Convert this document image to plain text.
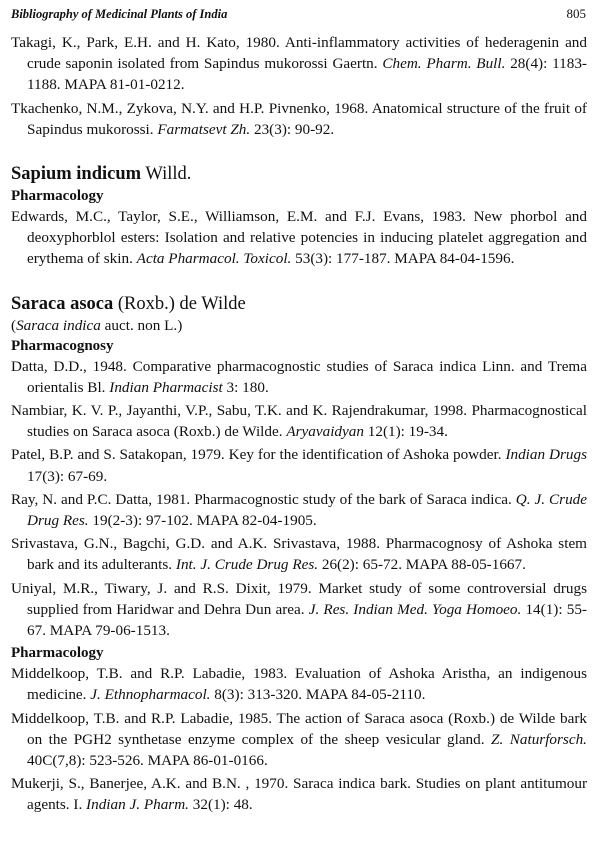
Bibliography of Medicinal Plants of India	805
Takagi, K., Park, E.H. and H. Kato, 1980. Anti-inflammatory activities of hederagenin and crude saponin isolated from Sapindus mukorossi Gaertn. Chem. Pharm. Bull. 28(4): 1183-1188. MAPA 81-01-0212.
Tkachenko, N.M., Zykova, N.Y. and H.P. Pivnenko, 1968. Anatomical structure of the fruit of Sapindus mukorossi. Farmatsevt Zh. 23(3): 90-92.
Sapium indicum Willd.
Pharmacology
Edwards, M.C., Taylor, S.E., Williamson, E.M. and F.J. Evans, 1983. New phorbol and deoxyphorblol esters: Isolation and relative potencies in inducing platelet aggregation and erythema of skin. Acta Pharmacol. Toxicol. 53(3): 177-187. MAPA 84-04-1596.
Saraca asoca (Roxb.) de Wilde
(Saraca indica auct. non L.)
Pharmacognosy
Datta, D.D., 1948. Comparative pharmacognostic studies of Saraca indica Linn. and Trema orientalis Bl. Indian Pharmacist 3: 180.
Nambiar, K. V. P., Jayanthi, V.P., Sabu, T.K. and K. Rajendrakumar, 1998. Pharmacognostical studies on Saraca asoca (Roxb.) de Wilde. Aryavaidyan 12(1): 19-34.
Patel, B.P. and S. Satakopan, 1979. Key for the identification of Ashoka powder. Indian Drugs 17(3): 67-69.
Ray, N. and P.C. Datta, 1981. Pharmacognostic study of the bark of Saraca indica. Q. J. Crude Drug Res. 19(2-3): 97-102. MAPA 82-04-1905.
Srivastava, G.N., Bagchi, G.D. and A.K. Srivastava, 1988. Pharmacognosy of Ashoka stem bark and its adulterants. Int. J. Crude Drug Res. 26(2): 65-72. MAPA 88-05-1667.
Uniyal, M.R., Tiwary, J. and R.S. Dixit, 1979. Market study of some controversial drugs supplied from Haridwar and Dehra Dun area. J. Res. Indian Med. Yoga Homoeo. 14(1): 55-67. MAPA 79-06-1513.
Pharmacology
Middelkoop, T.B. and R.P. Labadie, 1983. Evaluation of Ashoka Aristha, an indigenous medicine. J. Ethnopharmacol. 8(3): 313-320. MAPA 84-05-2110.
Middelkoop, T.B. and R.P. Labadie, 1985. The action of Saraca asoca (Roxb.) de Wilde bark on the PGH2 synthetase enzyme complex of the sheep vesicular gland. Z. Naturforsch. 40C(7,8): 523-526. MAPA 86-01-0166.
Mukerji, S., Banerjee, A.K. and B.N. , 1970. Saraca indica bark. Studies on plant antitumour agents. I. Indian J. Pharm. 32(1): 48.
